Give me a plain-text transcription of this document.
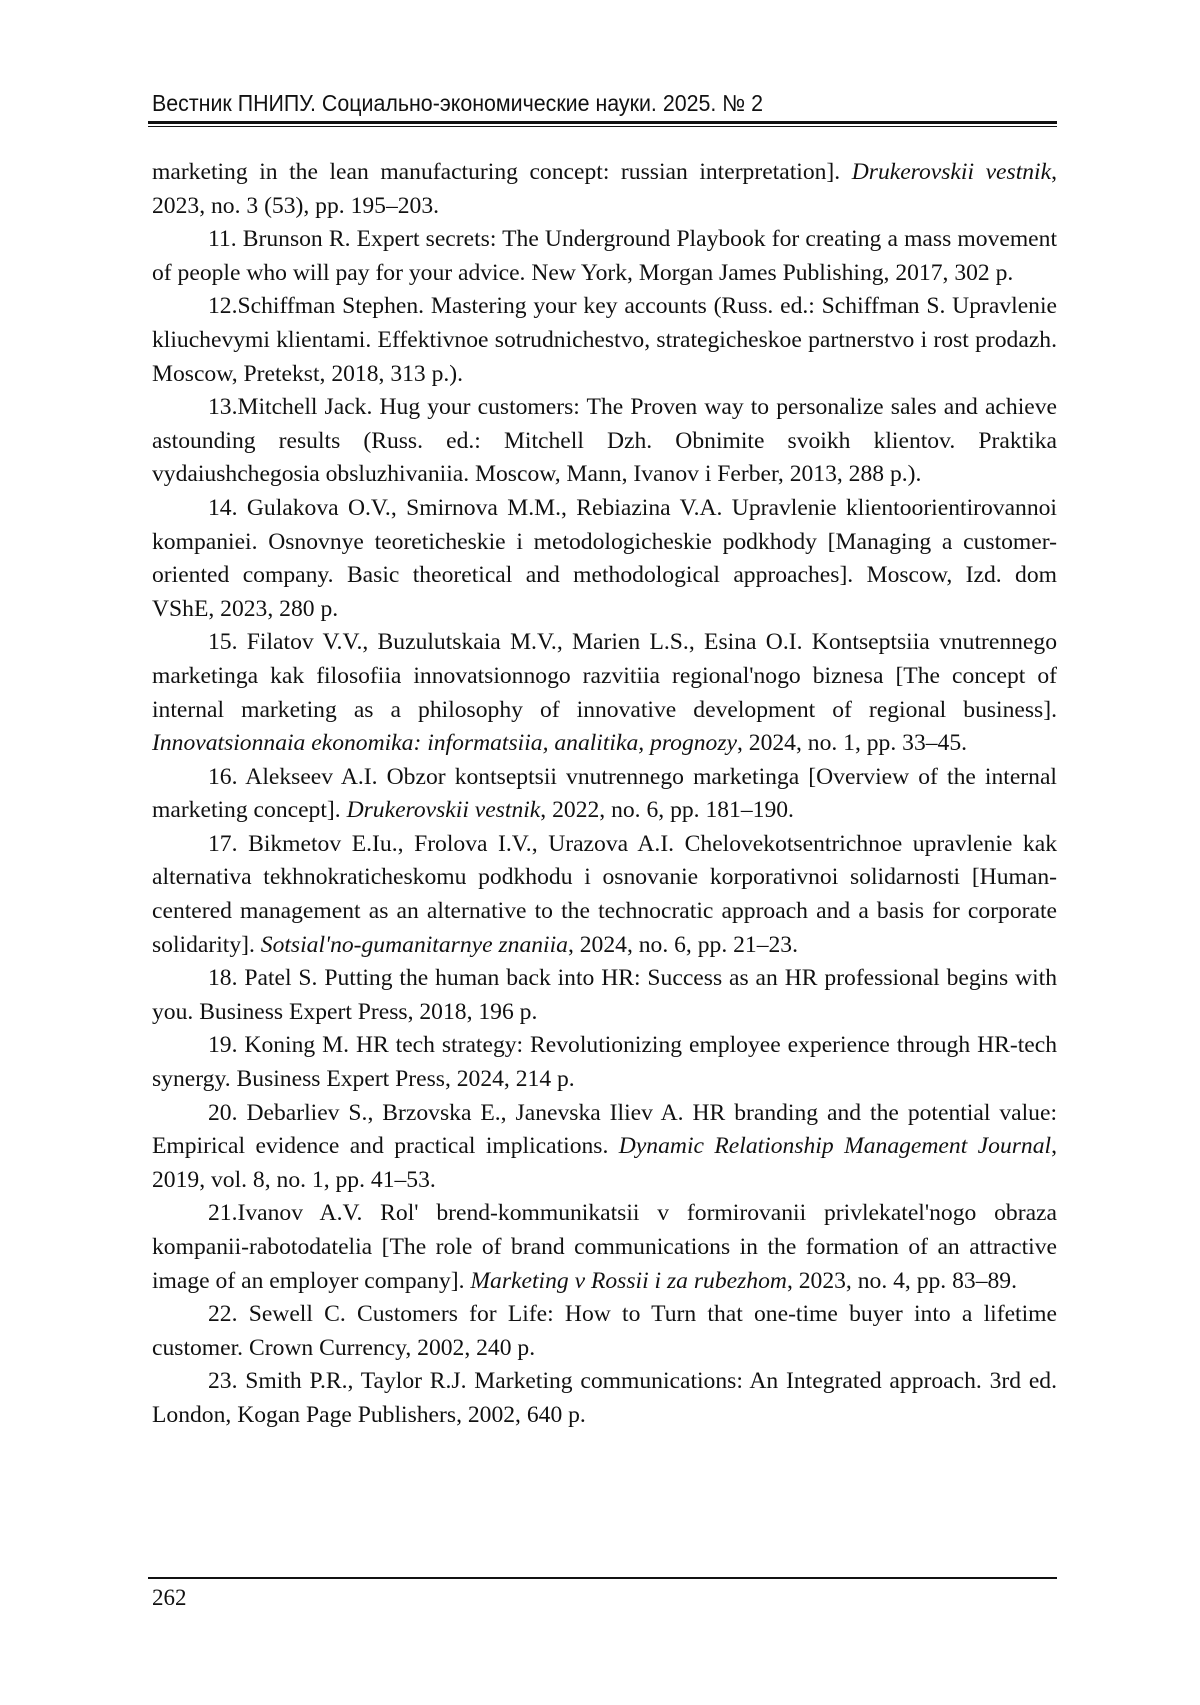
Вестник ПНИПУ. Социально-экономические науки. 2025. № 2

marketing in the lean manufacturing concept: russian interpretation]. Drukerovskii vestnik, 2023, no. 3 (53), pp. 195–203.

11. Brunson R. Expert secrets: The Underground Playbook for creating a mass movement of people who will pay for your advice. New York, Morgan James Publishing, 2017, 302 p.

12.Schiffman Stephen. Mastering your key accounts (Russ. ed.: Schiffman S. Upravlenie kliuchevymi klientami. Effektivnoe sotrudnichestvo, strategicheskoe partnerstvo i rost prodazh. Moscow, Pretekst, 2018, 313 p.).

13.Mitchell Jack. Hug your customers: The Proven way to personalize sales and achieve astounding results (Russ. ed.: Mitchell Dzh. Obnimite svoikh klientov. Praktika vydaiushchegosia obsluzhivaniia. Moscow, Mann, Ivanov i Ferber, 2013, 288 p.).

14. Gulakova O.V., Smirnova M.M., Rebiazina V.A. Upravlenie klientoorientirovannoi kompaniei. Osnovnye teoreticheskie i metodologicheskie podkhody [Managing a customer-oriented company. Basic theoretical and methodological approaches]. Moscow, Izd. dom VShE, 2023, 280 p.

15. Filatov V.V., Buzulutskaia M.V., Marien L.S., Esina O.I. Kontseptsiia vnutrennego marketinga kak filosofiia innovatsionnogo razvitiia regional'nogo biznesa [The concept of internal marketing as a philosophy of innovative development of regional business]. Innovatsionnaia ekonomika: informatsiia, analitika, prognozy, 2024, no. 1, pp. 33–45.

16. Alekseev A.I. Obzor kontseptsii vnutrennego marketinga [Overview of the internal marketing concept]. Drukerovskii vestnik, 2022, no. 6, pp. 181–190.

17. Bikmetov E.Iu., Frolova I.V., Urazova A.I. Chelovekotsentrichnoe upravlenie kak alternativa tekhnokraticheskomu podkhodu i osnovanie korporativnoi solidarnosti [Human-centered management as an alternative to the technocratic approach and a basis for corporate solidarity]. Sotsial'no-gumanitarnye znaniia, 2024, no. 6, pp. 21–23.

18. Patel S. Putting the human back into HR: Success as an HR professional begins with you. Business Expert Press, 2018, 196 p.

19. Koning M. HR tech strategy: Revolutionizing employee experience through HR-tech synergy. Business Expert Press, 2024, 214 p.

20. Debarliev S., Brzovska E., Janevska Iliev A. HR branding and the potential value: Empirical evidence and practical implications. Dynamic Relationship Management Journal, 2019, vol. 8, no. 1, pp. 41–53.

21.Ivanov A.V. Rol' brend-kommunikatsii v formirovanii privlekatel'nogo obraza kompanii-rabotodatelia [The role of brand communications in the formation of an attractive image of an employer company]. Marketing v Rossii i za rubezhom, 2023, no. 4, pp. 83–89.

22. Sewell C. Customers for Life: How to Turn that one-time buyer into a lifetime customer. Crown Currency, 2002, 240 p.

23. Smith P.R., Taylor R.J. Marketing communications: An Integrated approach. 3rd ed. London, Kogan Page Publishers, 2002, 640 p.

262
